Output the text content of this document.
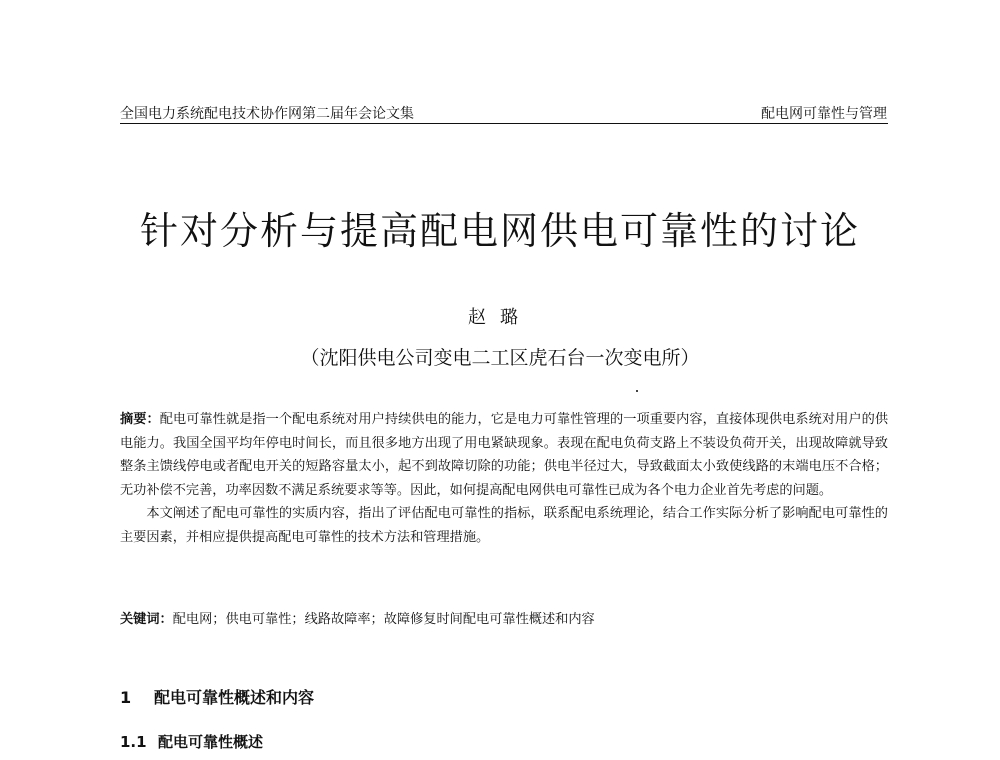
全国电力系统配电技术协作网第二届年会论文集	配电网可靠性与管理
针对分析与提高配电网供电可靠性的讨论
赵璐
（沈阳供电公司变电二工区虎石台一次变电所）

摘要：配电可靠性就是指一个配电系统对用户持续供电的能力，它是电力可靠性管理的一项重要内容，直接体现供电系统对用户的供电能力。我国全国平均年停电时间长，而且很多地方出现了用电紧缺现象。表现在配电负荷支路上不装设负荷开关，出现故障就导致整条主馈线停电或者配电开关的短路容量太小，起不到故障切除的功能；供电半径过大，导致截面太小致使线路的末端电压不合格；无功补偿不完善，功率因数不满足系统要求等等。因此，如何提高配电网供电可靠性已成为各个电力企业首先考虑的问题。

本文阐述了配电可靠性的实质内容，指出了评估配电可靠性的指标，联系配电系统理论，结合工作实际分析了影响配电可靠性的主要因素，并相应提供提高配电可靠性的技术方法和管理措施。

关键词：配电网；供电可靠性；线路故障率；故障修复时间配电可靠性概述和内容
1 配电可靠性概述和内容
1.1 配电可靠性概述
